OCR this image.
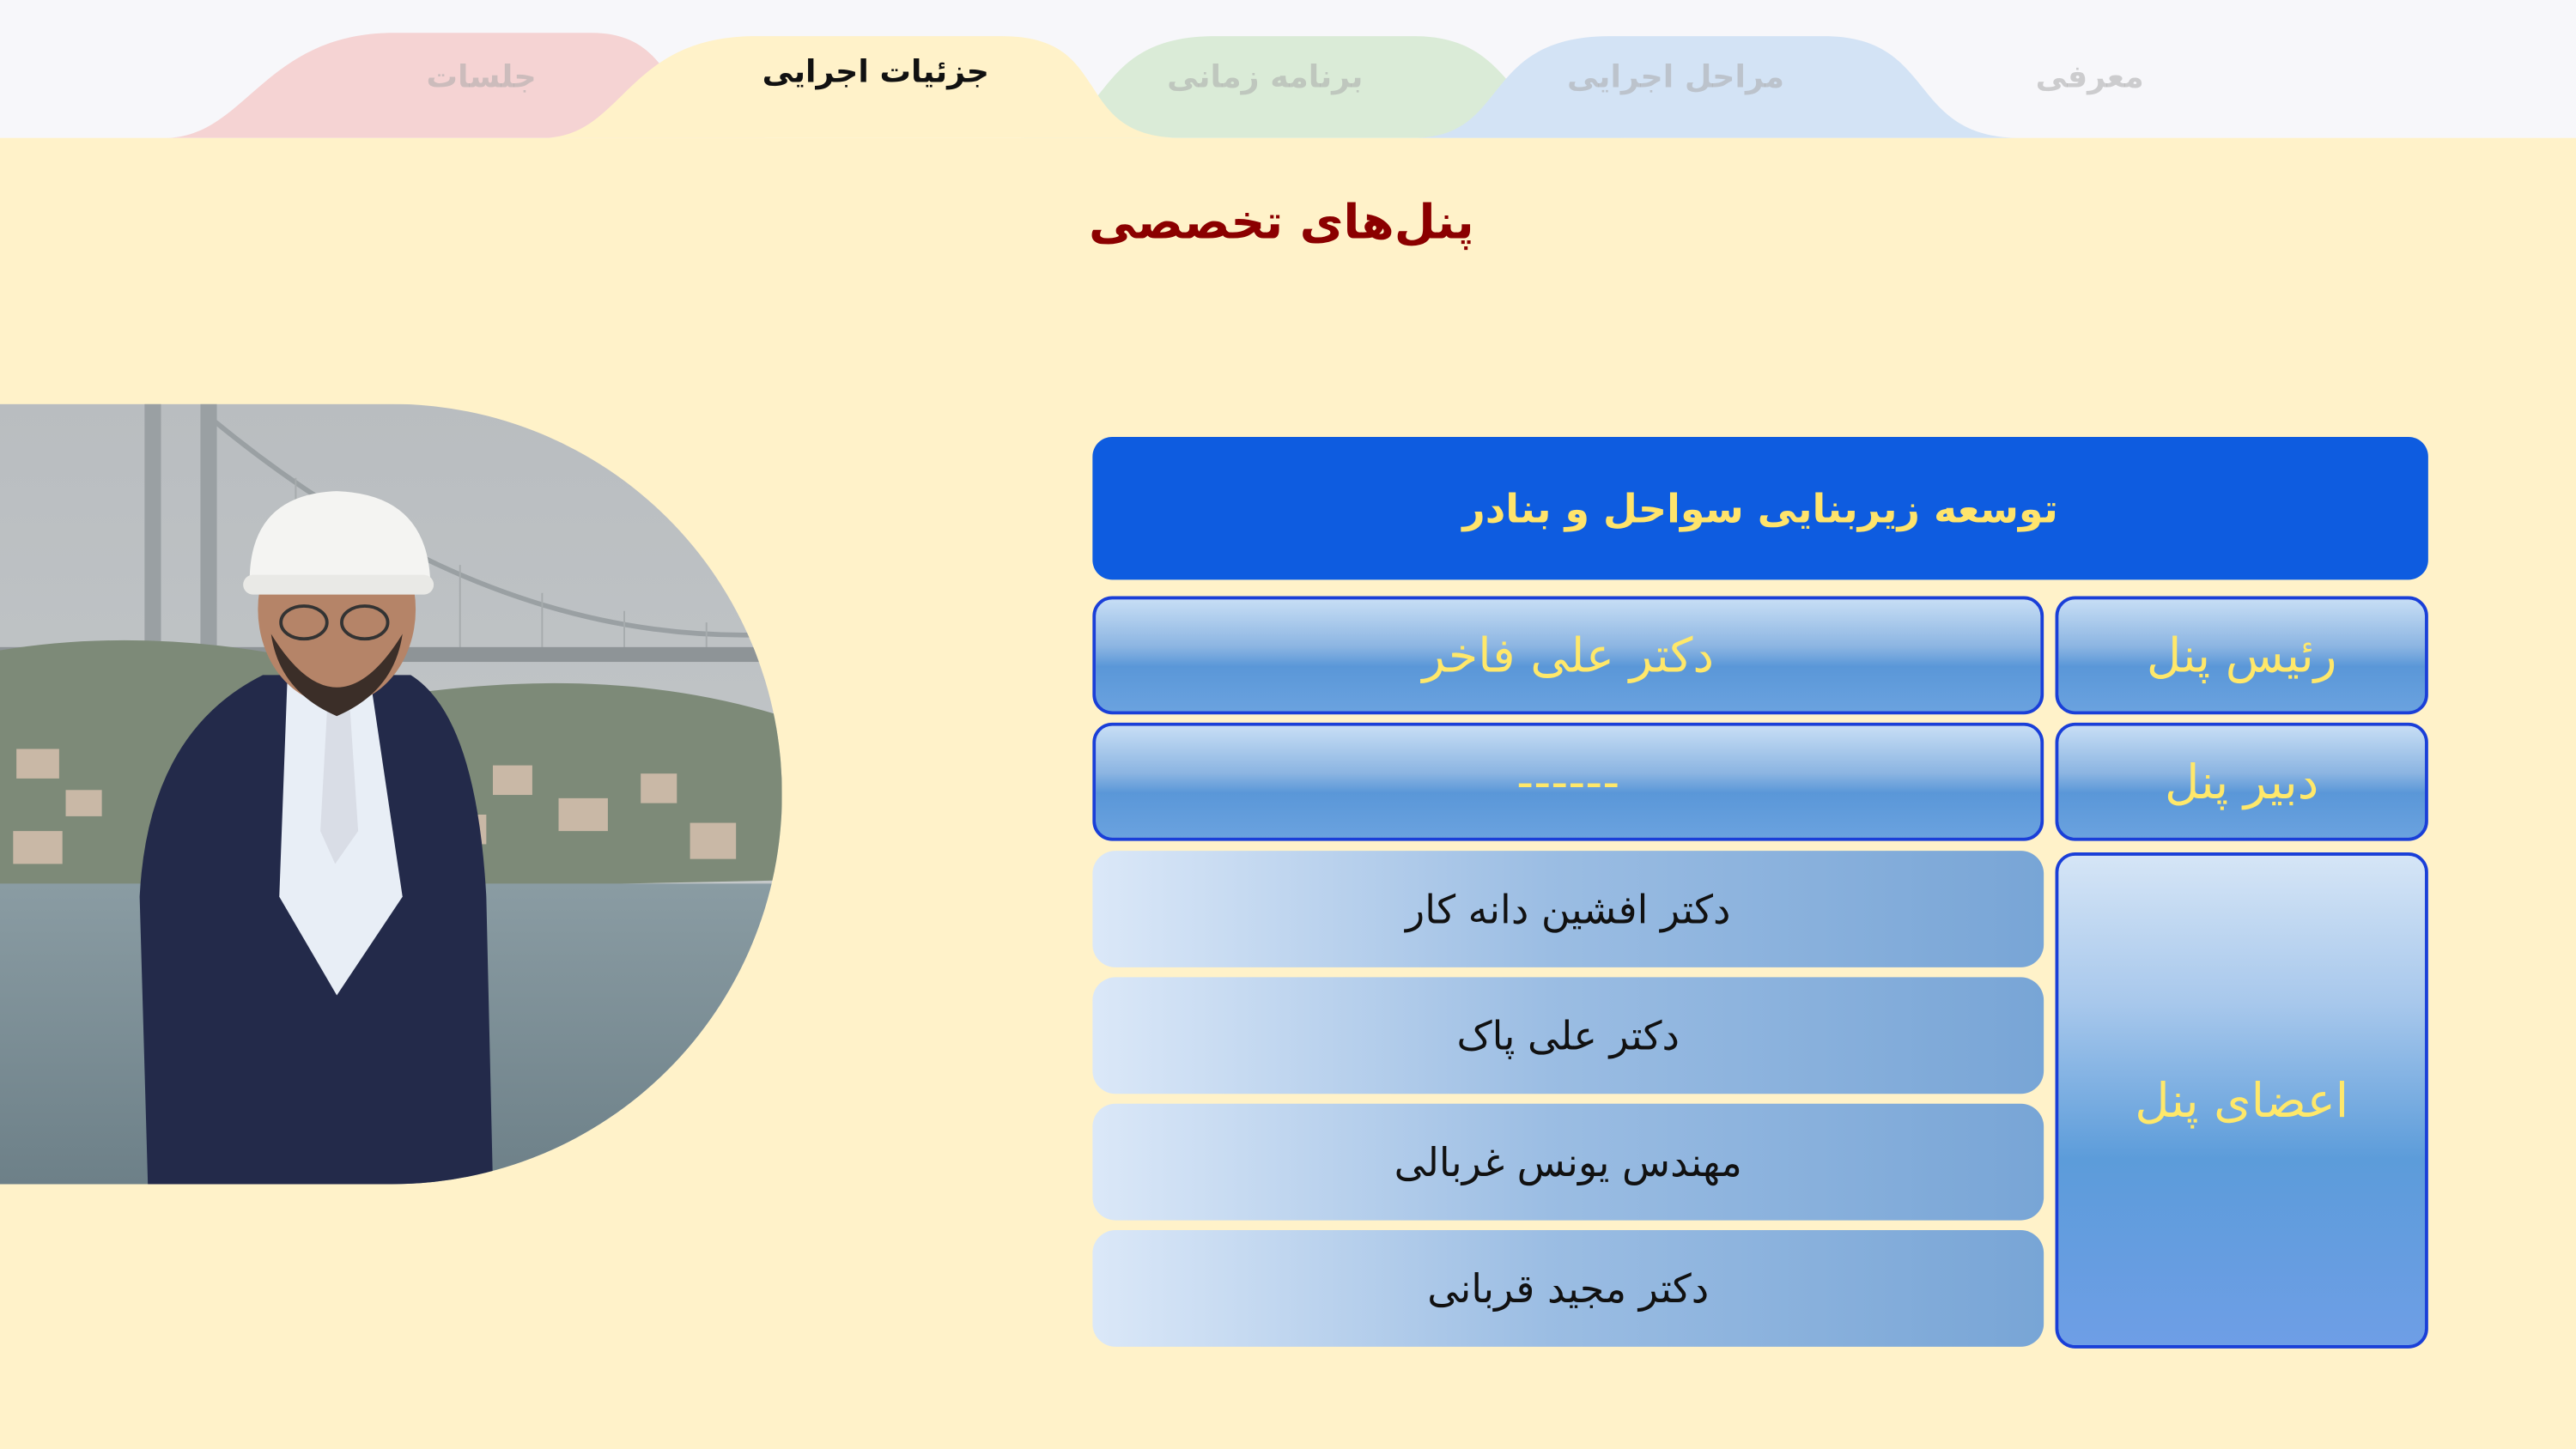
معرفی
مراحل اجرایی
برنامه زمانی
جزئیات اجرایی
جلسات
پنل‌های تخصصی
توسعه زیربنایی سواحل و بنادر
رئیس پنل
دکتر علی فاخر
دبیر پنل
------
اعضای پنل
دکتر افشین دانه کار
دکتر علی پاک
مهندس یونس غربالی
دکتر مجید قربانی
